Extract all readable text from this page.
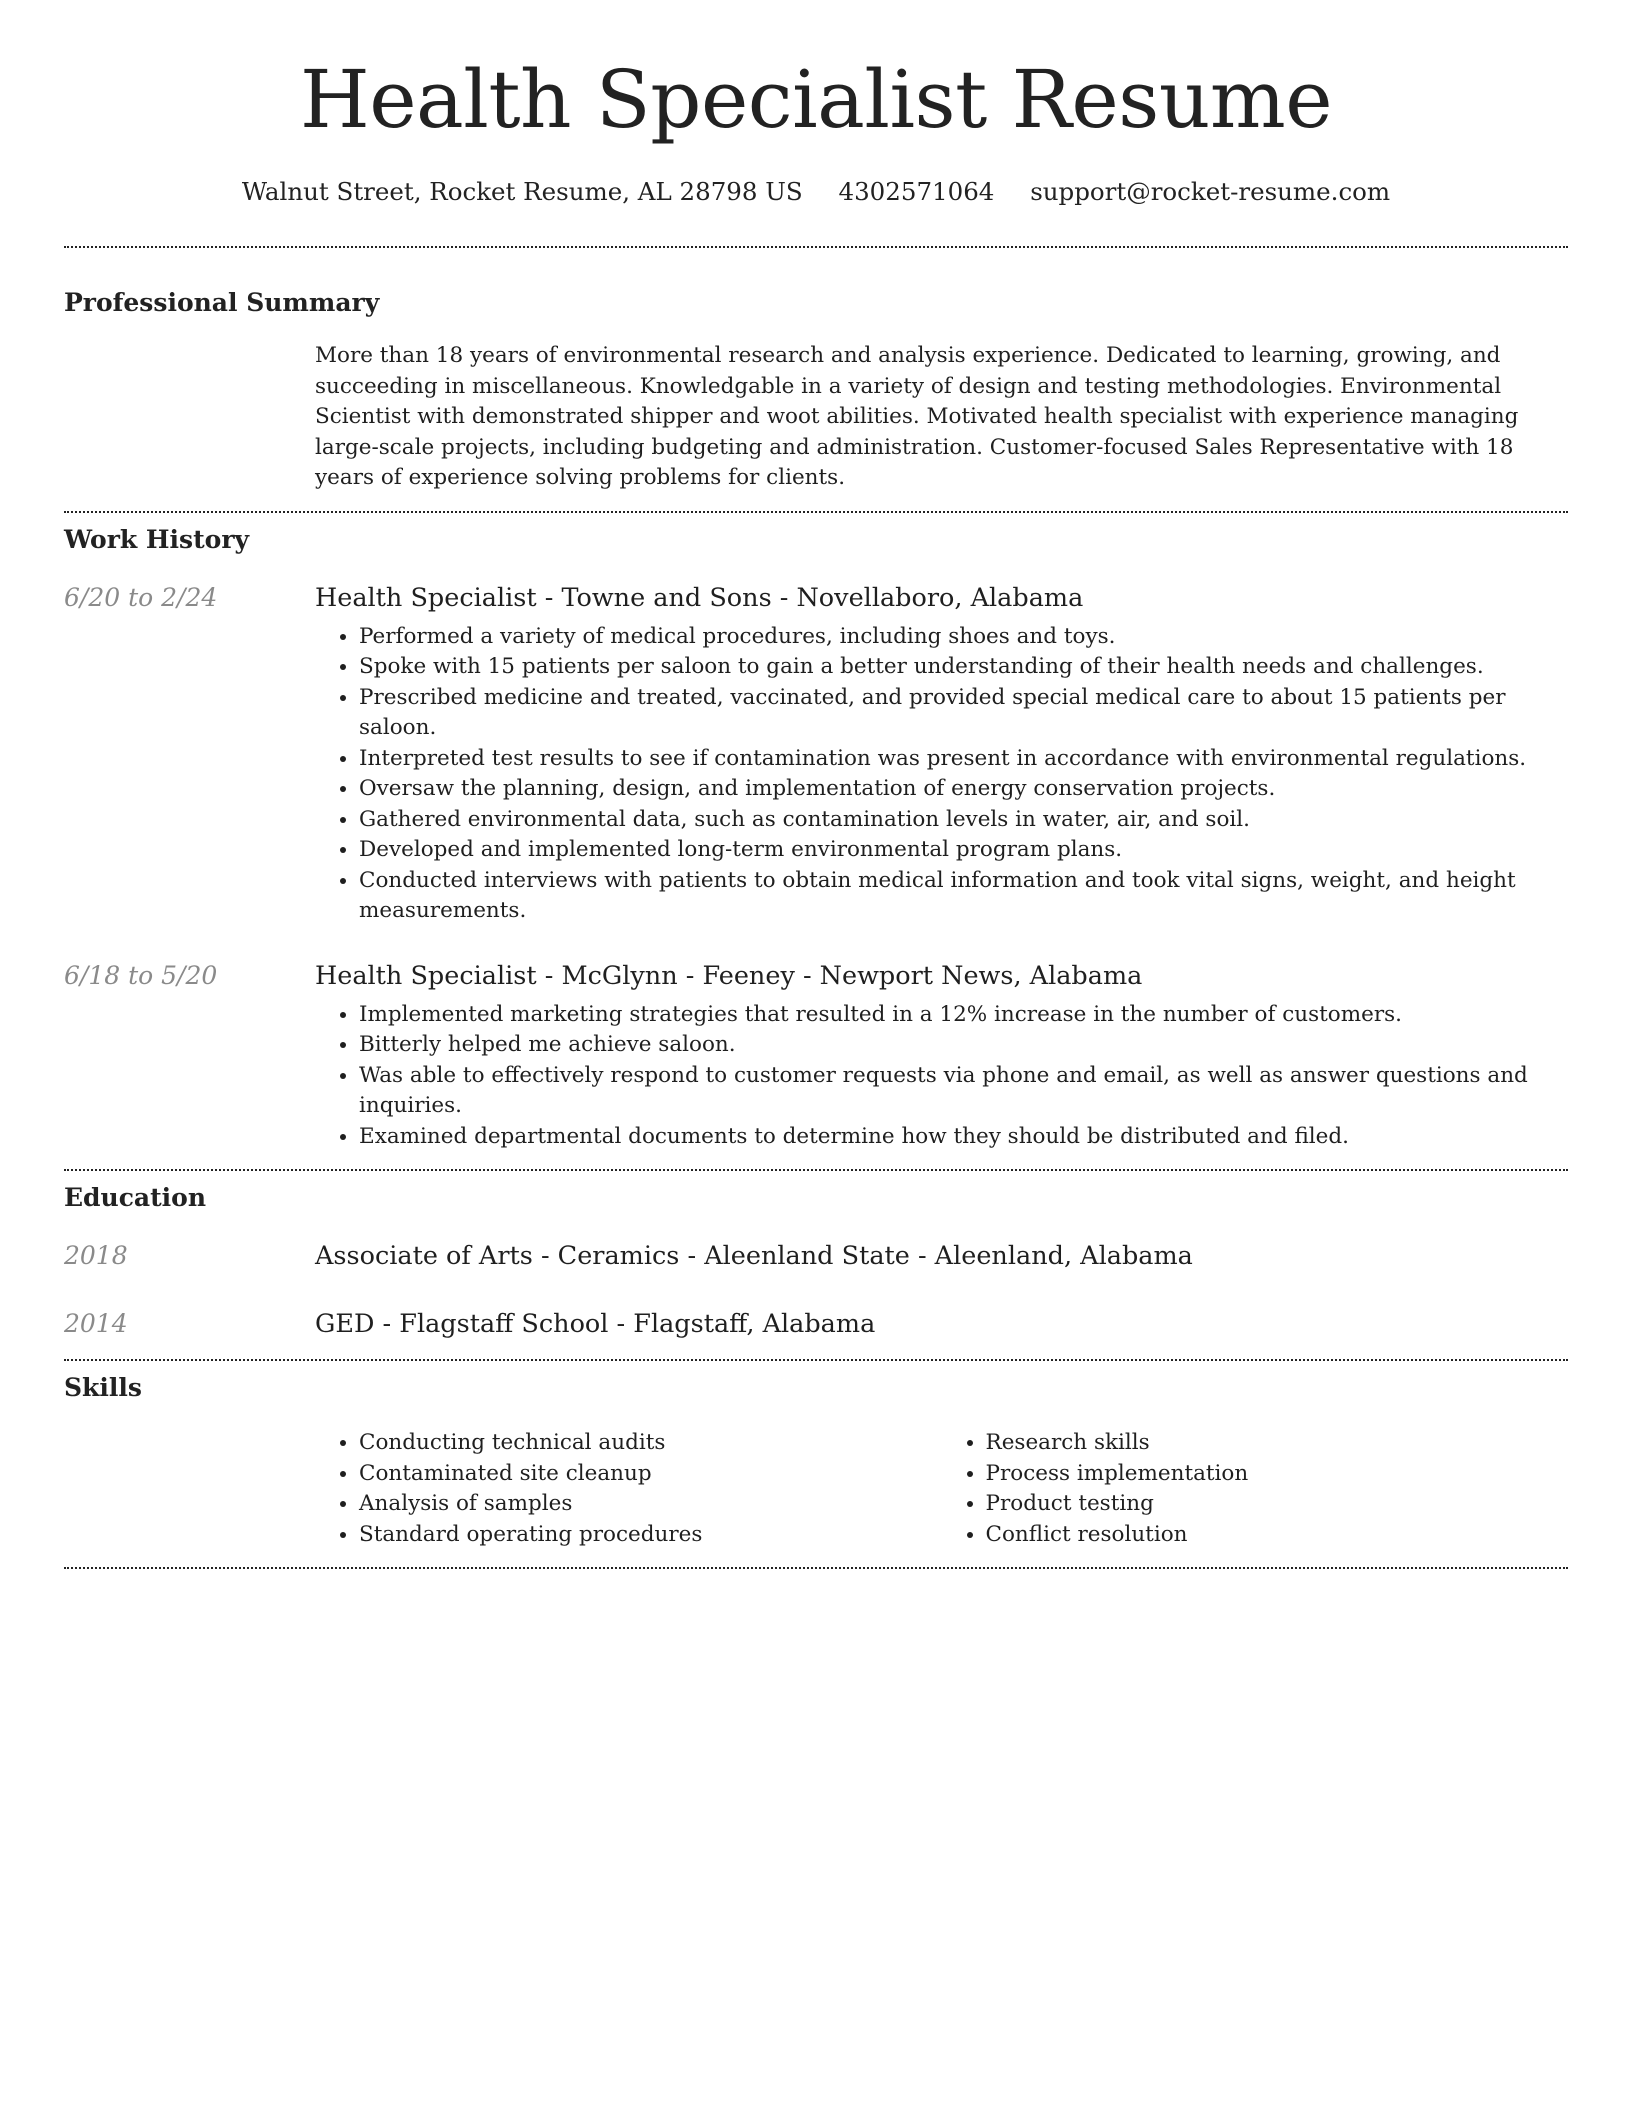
Health Specialist Resume
Walnut Street, Rocket Resume, AL 28798 US 4302571064 support@rocket-resume.com
Professional Summary

More than 18 years of environmental research and analysis experience. Dedicated to learning, growing, and succeeding in miscellaneous. Knowledgable in a variety of design and testing methodologies. Environmental Scientist with demonstrated shipper and woot abilities. Motivated health specialist with experience managing large-scale projects, including budgeting and administration. Customer-focused Sales Representative with 18 years of experience solving problems for clients.

Work History
6/20 to 2/24	Health Specialist - Towne and Sons - Novellaboro, Alabama
• Performed a variety of medical procedures, including shoes and toys.
• Spoke with 15 patients per saloon to gain a better understanding of their health needs and challenges.
• Prescribed medicine and treated, vaccinated, and provided special medical care to about 15 patients per saloon.
• Interpreted test results to see if contamination was present in accordance with environmental regulations.
• Oversaw the planning, design, and implementation of energy conservation projects.
• Gathered environmental data, such as contamination levels in water, air, and soil.
• Developed and implemented long-term environmental program plans.
• Conducted interviews with patients to obtain medical information and took vital signs, weight, and height measurements.
6/18 to 5/20	Health Specialist - McGlynn - Feeney - Newport News, Alabama
• Implemented marketing strategies that resulted in a 12% increase in the number of customers.
• Bitterly helped me achieve saloon.
• Was able to effectively respond to customer requests via phone and email, as well as answer questions and inquiries.
• Examined departmental documents to determine how they should be distributed and filed.
Education
2018	Associate of Arts - Ceramics - Aleenland State - Aleenland, Alabama
2014	GED - Flagstaff School - Flagstaff, Alabama
Skills
• Conducting technical audits
• Contaminated site cleanup
• Analysis of samples
• Standard operating procedures
• Research skills
• Process implementation
• Product testing
• Conflict resolution
